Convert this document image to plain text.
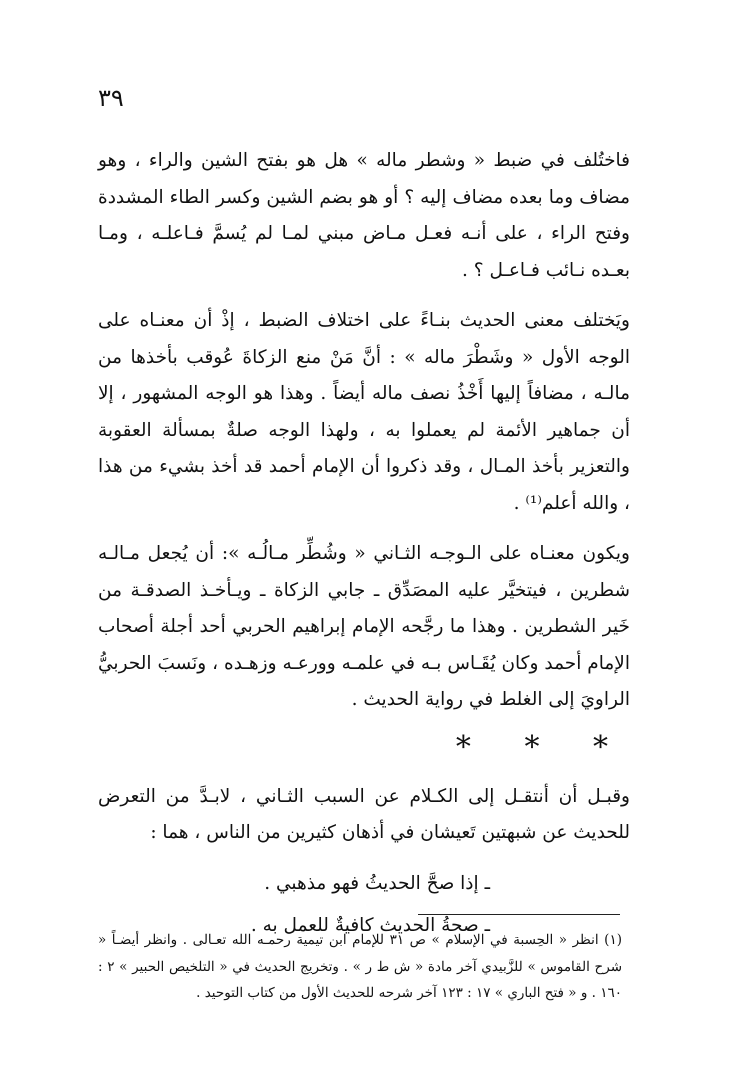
٣٩

فاختُلف في ضبط « وشطر ماله » هل هو بفتح الشين والراء ، وهو مضاف وما بعده مضاف إليه ؟ أو هو بضم الشين وكسر الطاء المشددة وفتح الراء ، على أنـه فعـل مـاض مبني لمـا لم يُسمَّ فـاعلـه ، ومـا بعـده نـائب فـاعـل ؟ .

ويَختلف معنى الحديث بنـاءً على اختلاف الضبط ، إذْ أن معنـاه على الوجه الأول « وشَطْرَ ماله » : أنَّ مَنْ منع الزكاةَ عُوقب بأخذها من مالـه ، مضافاً إليها أَخْذُ نصف ماله أيضاً . وهذا هو الوجه المشهور ، إلا أن جماهير الأئمة لم يعملوا به ، ولهذا الوجه صلةٌ بمسألة العقوبة والتعزير بأخذ المـال ، وقد ذكروا أن الإمام أحمد قد أخذ بشيء من هذا ، والله أعلم⁽¹⁾ .

ويكون معنـاه على الـوجـه الثـاني « وشُطِّر مـالُـه »: أن يُجعل مـالـه شطرين ، فيتخيَّر عليه المصَدِّق ـ جابي الزكاة ـ ويـأخـذ الصدقـة من خَير الشطرين . وهذا ما رجَّحه الإمام إبراهيم الحربي أحد أجلة أصحاب الإمام أحمد وكان يُقَـاس بـه في علمـه وورعـه وزهـده ، ونَسبَ الحربيُّ الراويَ إلى الغلط في رواية الحديث .

* * *

وقبـل أن أنتقـل إلى الكـلام عن السبب الثـاني ، لابـدَّ من التعرض للحديث عن شبهتين تَعيشان في أذهان كثيرين من الناس ، هما :

ـ إذا صحَّ الحديثُ فهو مذهبي .
ـ صحةُ الحديث كافيةٌ للعمل به .
(١) انظر « الحِسبة في الإسلام » ص ٣١ للإمام ابن تيمية رحمـه الله تعـالى . وانظر أيضـاً « شرح القاموس » للزَّبيدي آخر مادة « ش ط ر » . وتخريج الحديث في « التلخيص الحبير » ٢ : ١٦٠ . و « فتح الباري » ١٧ : ١٢٣ آخر شرحه للحديث الأول من كتاب التوحيد .
